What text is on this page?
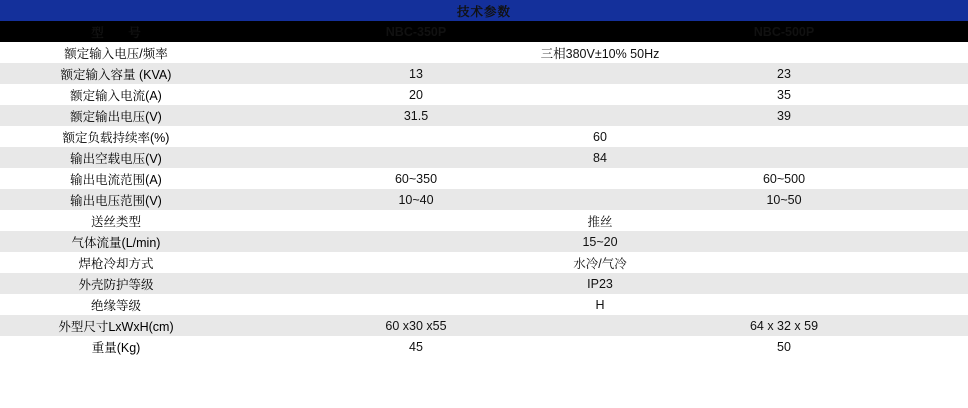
技术参数		
型　号	NBC-350P	NBC-500P
额定输入电压/频率	三相380V±10% 50Hz	
额定输入容量 (KVA)	13	23
额定输入电流(A)	20	35
额定输出电压(V)	31.5	39
额定负载持续率(%)	60	
输出空载电压(V)	84	
输出电流范围(A)	60~350	60~500
输出电压范围(V)	10~40	10~50
送丝类型	推丝	
气体流量(L/min)	15~20	
焊枪冷却方式	水冷/气冷	
外壳防护等级	IP23	
绝缘等级	H	
外型尺寸LxWxH(cm)	60 x30 x55	64 x 32 x 59
重量(Kg)	45	50
